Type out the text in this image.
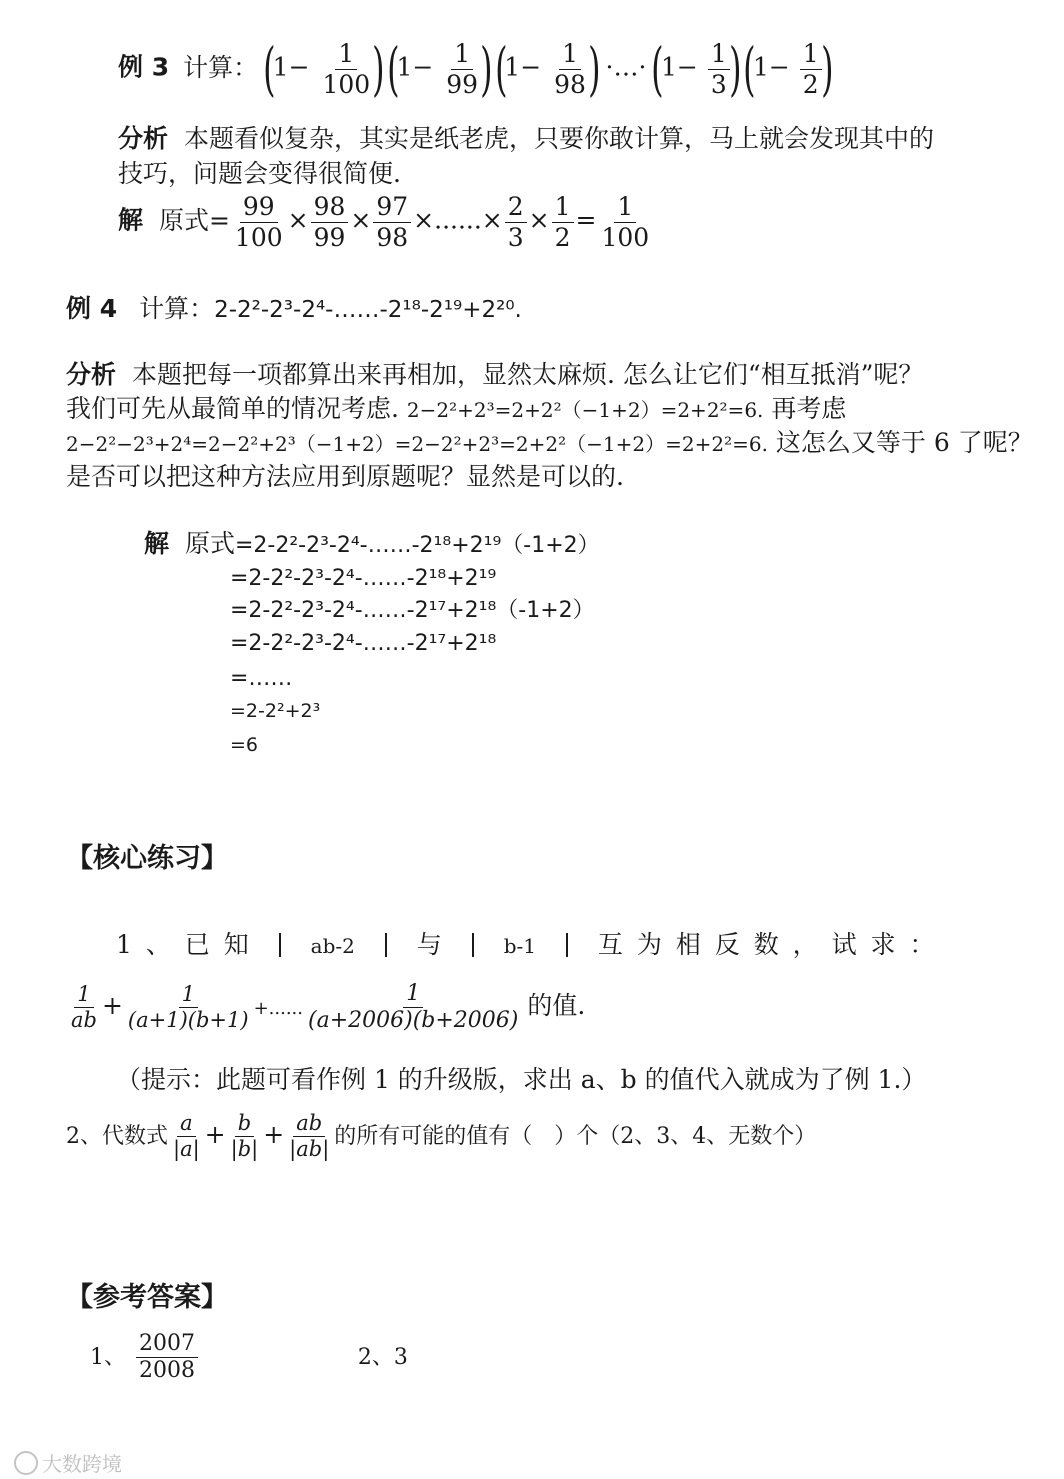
例 3 计算： ($1- \frac{1}{100}$ ) ($1- \frac{1}{99}$ ) ($1- \frac{1}{98}$ ) ·…· ($1- \frac{1}{3}$ ) ($1- \frac{1}{2}$ )
分析 本题看似复杂，其实是纸老虎，只要你敢计算，马上就会发现其中的
技巧，问题会变得很简便.
解 原式= $\frac{99}{100} \times \frac{98}{99} \times \frac{97}{98}$ ×......× $\frac{2}{3} \times \frac{1}{2} = \frac{1}{100}$
例 4 计算：2-2²-2³-2⁴-……-2¹⁸-2¹⁹+2²⁰.
分析 本题把每一项都算出来再相加，显然太麻烦. 怎么让它们“相互抵消”呢？
我们可先从最简单的情况考虑. 2−2²+2³=2+2²（−1+2）=2+2²=6. 再考虑
2−2²−2³+2⁴=2−2²+2³（−1+2）=2−2²+2³=2+2²（−1+2）=2+2²=6. 这怎么又等于 6 了呢？
是否可以把这种方法应用到原题呢？显然是可以的.
解 原式=2-2²-2³-2⁴-……-2¹⁸+2¹⁹（-1+2）
=2-2²-2³-2⁴-……-2¹⁸+2¹⁹
=2-2²-2³-2⁴-……-2¹⁷+2¹⁸（-1+2）
=2-2²-2³-2⁴-……-2¹⁷+2¹⁸
=……
=2-2²+2³
=6
【核心练习】
1 、 已 知	ab-2 与	b-1 互 为 相 反 数 ， 试 求 ：
$\frac{1}{ab} + \frac{1}{(a+1)(b+1)}$ +...... $\frac{1}{(a+2006)(b+2006)}$ 的值.
（提示：此题可看作例 1 的升级版，求出 a、b 的值代入就成为了例 1.）
2、代数式 $\frac{a}{|a|} + \frac{b}{|b|} + \frac{ab}{|ab|}$ 的所有可能的值有（　）个（2、3、4、无数个）
【参考答案】
1、 $\frac{2007}{2008}$	2、3
大数跨境
